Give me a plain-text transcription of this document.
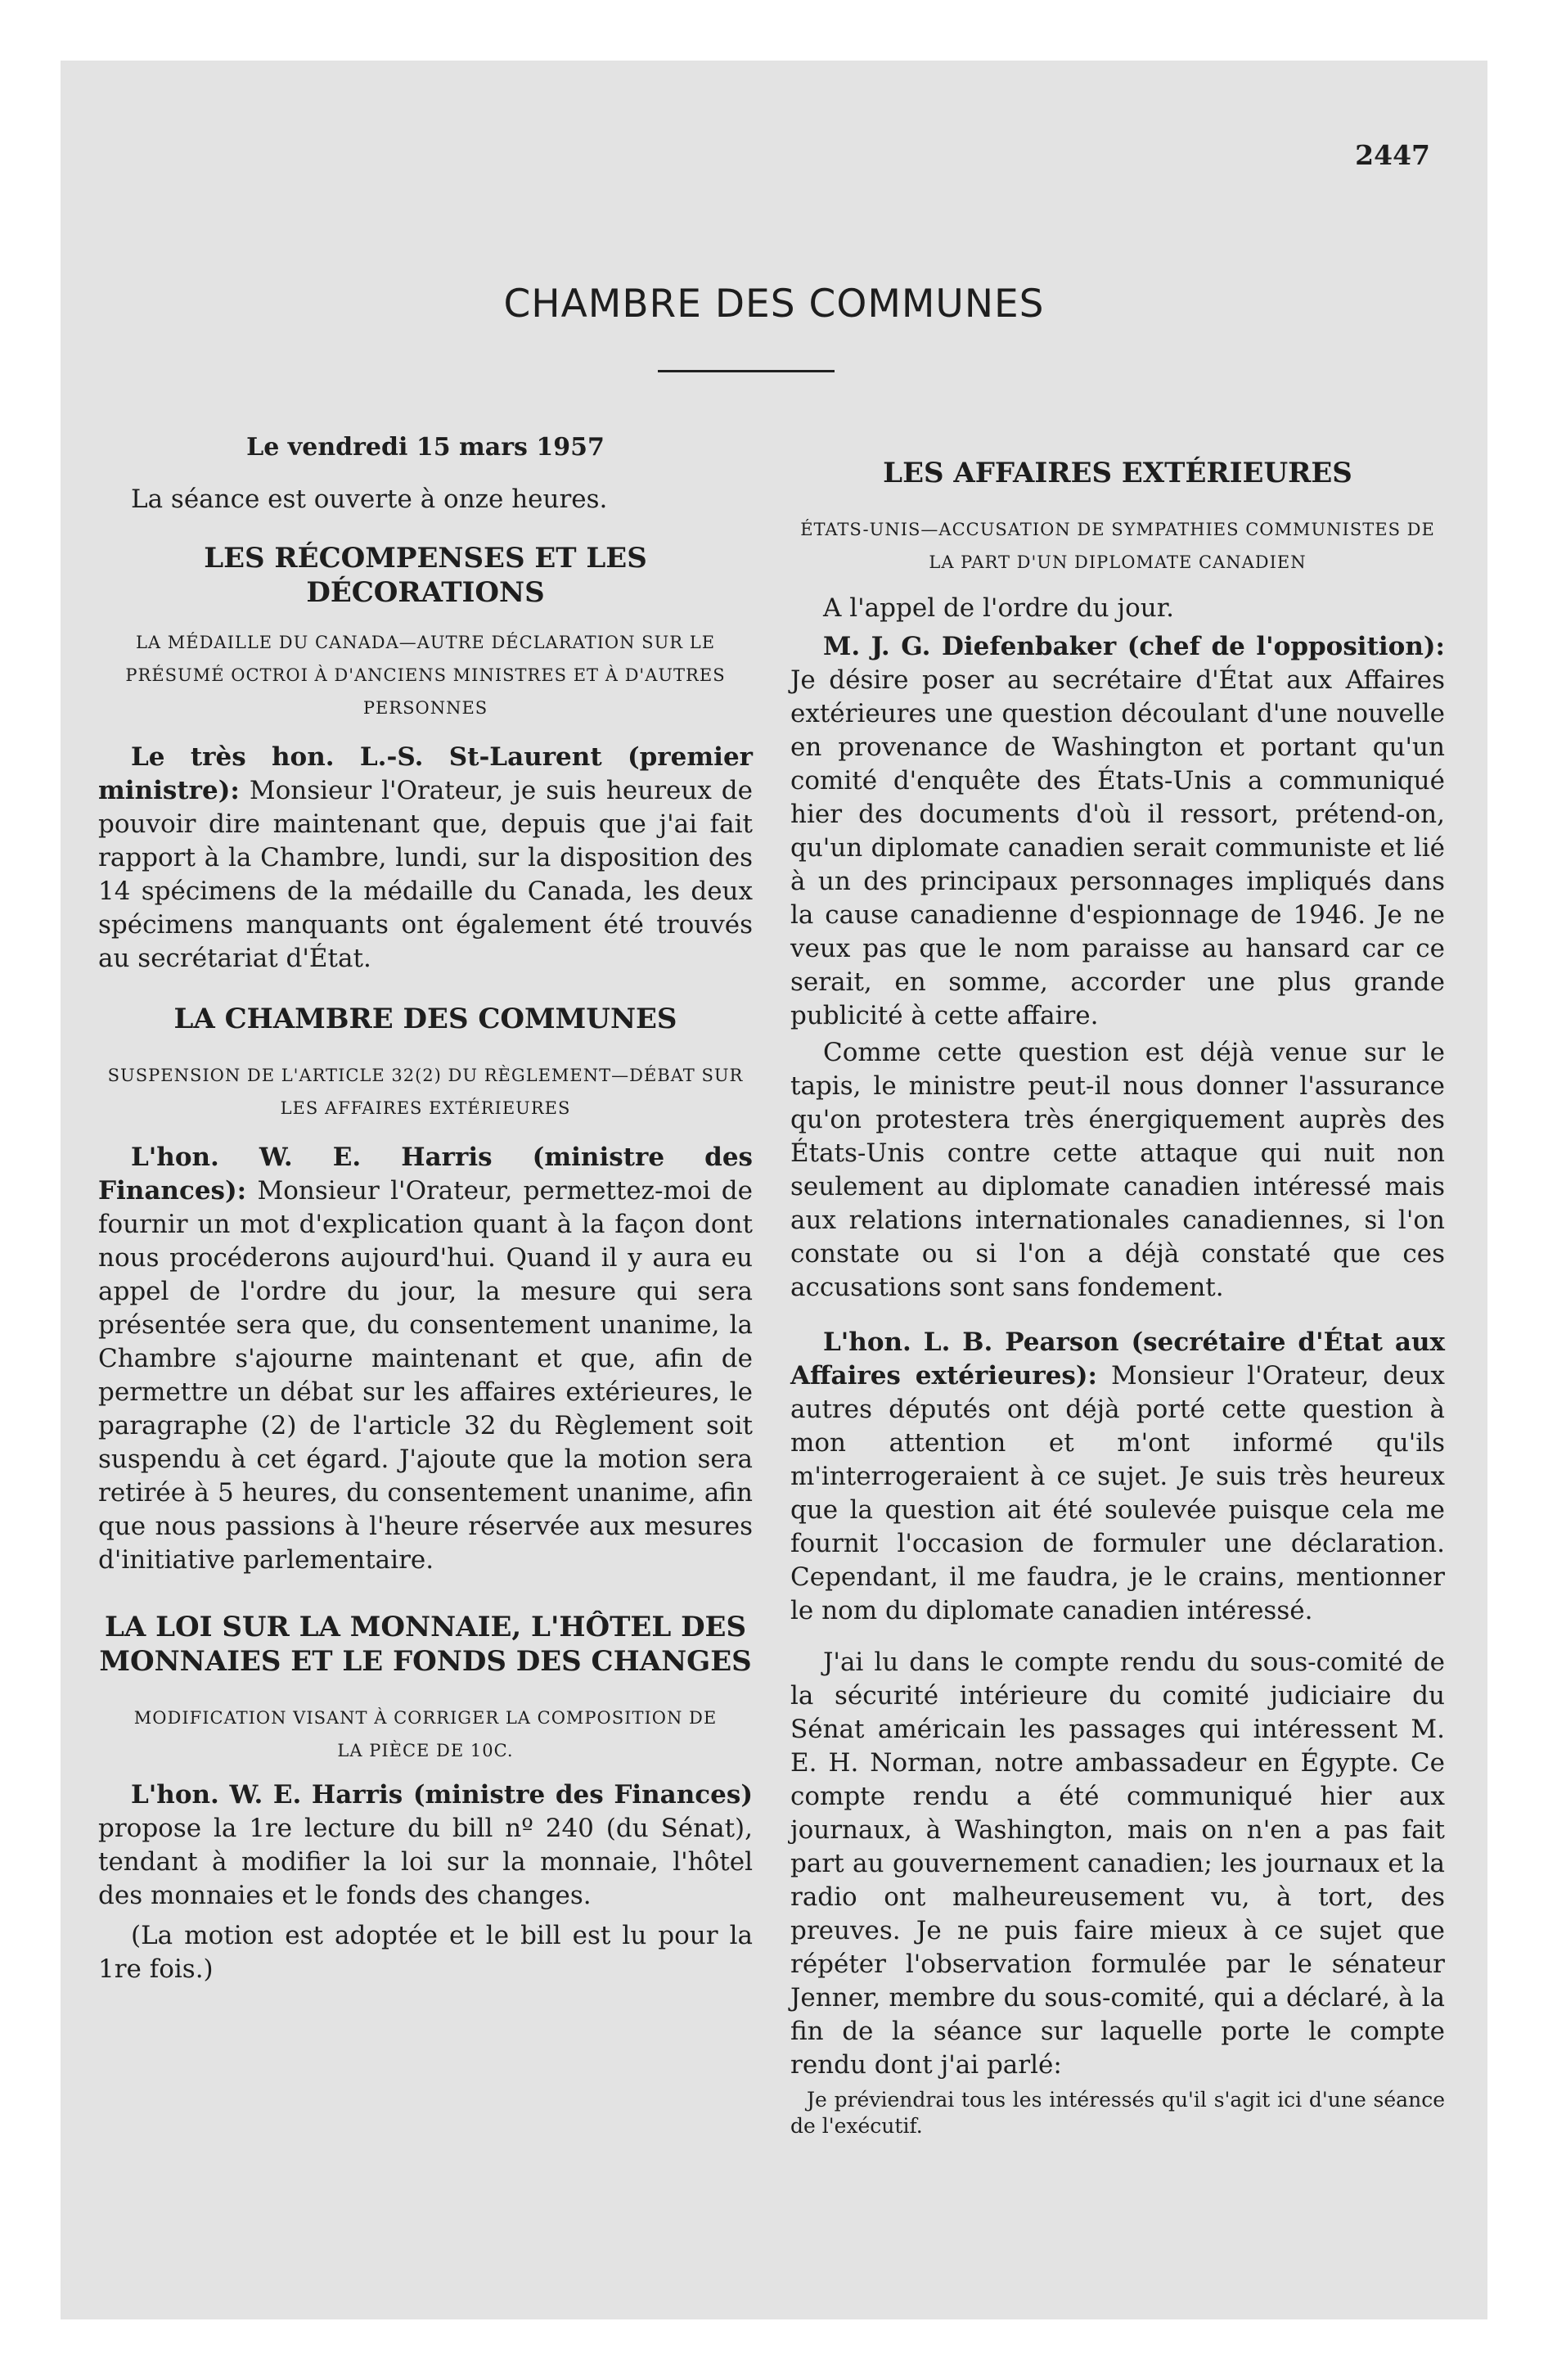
2447

CHAMBRE DES COMMUNES

Le vendredi 15 mars 1957

La séance est ouverte à onze heures.

LES RÉCOMPENSES ET LES DÉCORATIONS

LA MÉDAILLE DU CANADA—AUTRE DÉCLARATION SUR LE PRÉSUMÉ OCTROI À D'ANCIENS MINISTRES ET À D'AUTRES PERSONNES

Le très hon. L.-S. St-Laurent (premier ministre): Monsieur l'Orateur, je suis heureux de pouvoir dire maintenant que, depuis que j'ai fait rapport à la Chambre, lundi, sur la disposition des 14 spécimens de la médaille du Canada, les deux spécimens manquants ont également été trouvés au secrétariat d'État.

LA CHAMBRE DES COMMUNES

SUSPENSION DE L'ARTICLE 32(2) DU RÈGLEMENT—DÉBAT SUR LES AFFAIRES EXTÉRIEURES

L'hon. W. E. Harris (ministre des Finances): Monsieur l'Orateur, permettez-moi de fournir un mot d'explication quant à la façon dont nous procéderons aujourd'hui. Quand il y aura eu appel de l'ordre du jour, la mesure qui sera présentée sera que, du consentement unanime, la Chambre s'ajourne maintenant et que, afin de permettre un débat sur les affaires extérieures, le paragraphe (2) de l'article 32 du Règlement soit suspendu à cet égard. J'ajoute que la motion sera retirée à 5 heures, du consentement unanime, afin que nous passions à l'heure réservée aux mesures d'initiative parlementaire.

LA LOI SUR LA MONNAIE, L'HÔTEL DES MONNAIES ET LE FONDS DES CHANGES

MODIFICATION VISANT À CORRIGER LA COMPOSITION DE LA PIÈCE DE 10C.

L'hon. W. E. Harris (ministre des Finances) propose la 1re lecture du bill nº 240 (du Sénat), tendant à modifier la loi sur la monnaie, l'hôtel des monnaies et le fonds des changes.

(La motion est adoptée et le bill est lu pour la 1re fois.)

LES AFFAIRES EXTÉRIEURES

ÉTATS-UNIS—ACCUSATION DE SYMPATHIES COMMUNISTES DE LA PART D'UN DIPLOMATE CANADIEN

A l'appel de l'ordre du jour.

M. J. G. Diefenbaker (chef de l'opposition): Je désire poser au secrétaire d'État aux Affaires extérieures une question découlant d'une nouvelle en provenance de Washington et portant qu'un comité d'enquête des États-Unis a communiqué hier des documents d'où il ressort, prétend-on, qu'un diplomate canadien serait communiste et lié à un des principaux personnages impliqués dans la cause canadienne d'espionnage de 1946. Je ne veux pas que le nom paraisse au hansard car ce serait, en somme, accorder une plus grande publicité à cette affaire.

Comme cette question est déjà venue sur le tapis, le ministre peut-il nous donner l'assurance qu'on protestera très énergiquement auprès des États-Unis contre cette attaque qui nuit non seulement au diplomate canadien intéressé mais aux relations internationales canadiennes, si l'on constate ou si l'on a déjà constaté que ces accusations sont sans fondement.

L'hon. L. B. Pearson (secrétaire d'État aux Affaires extérieures): Monsieur l'Orateur, deux autres députés ont déjà porté cette question à mon attention et m'ont informé qu'ils m'interrogeraient à ce sujet. Je suis très heureux que la question ait été soulevée puisque cela me fournit l'occasion de formuler une déclaration. Cependant, il me faudra, je le crains, mentionner le nom du diplomate canadien intéressé.

J'ai lu dans le compte rendu du sous-comité de la sécurité intérieure du comité judiciaire du Sénat américain les passages qui intéressent M. E. H. Norman, notre ambassadeur en Égypte. Ce compte rendu a été communiqué hier aux journaux, à Washington, mais on n'en a pas fait part au gouvernement canadien; les journaux et la radio ont malheureusement vu, à tort, des preuves. Je ne puis faire mieux à ce sujet que répéter l'observation formulée par le sénateur Jenner, membre du sous-comité, qui a déclaré, à la fin de la séance sur laquelle porte le compte rendu dont j'ai parlé:

Je préviendrai tous les intéressés qu'il s'agit ici d'une séance de l'exécutif.
